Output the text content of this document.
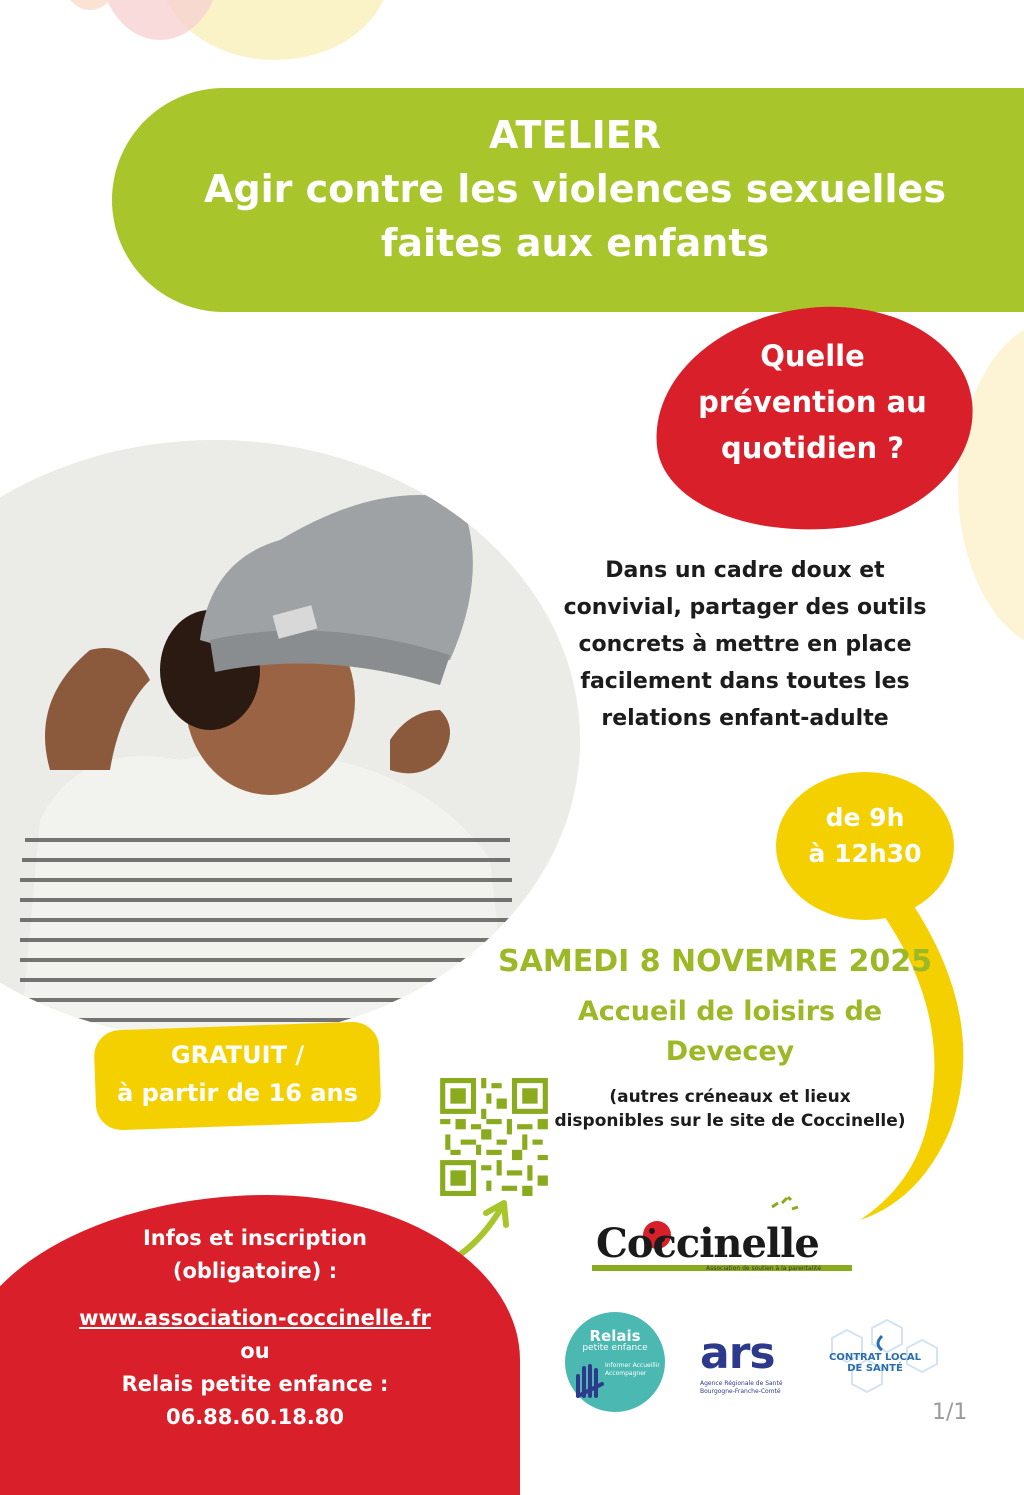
ATELIER
Agir contre les violences sexuelles
faites aux enfants
Quelle
prévention au
quotidien ?
Dans un cadre doux et
convivial, partager des outils
concrets à mettre en place
facilement dans toutes les
relations enfant-adulte
de 9h
à 12h30
SAMEDI 8 NOVEMRE 2025
Accueil de loisirs de
Devecey
(autres créneaux et lieux
disponibles sur le site de Coccinelle)
GRATUIT /
à partir de 16 ans
Infos et inscription
(obligatoire) :
www.association-coccinelle.fr
ou
Relais petite enfance : 06.88.60.18.80
Coccinelle
Association de soutien à la parentalité
Relais
petite enfance
Informer Accueillir Accompagner	ars
Agence Régionale de Santé Bourgogne-Franche-Comté
CONTRAT LOCAL DE SANTÉ
1/1
